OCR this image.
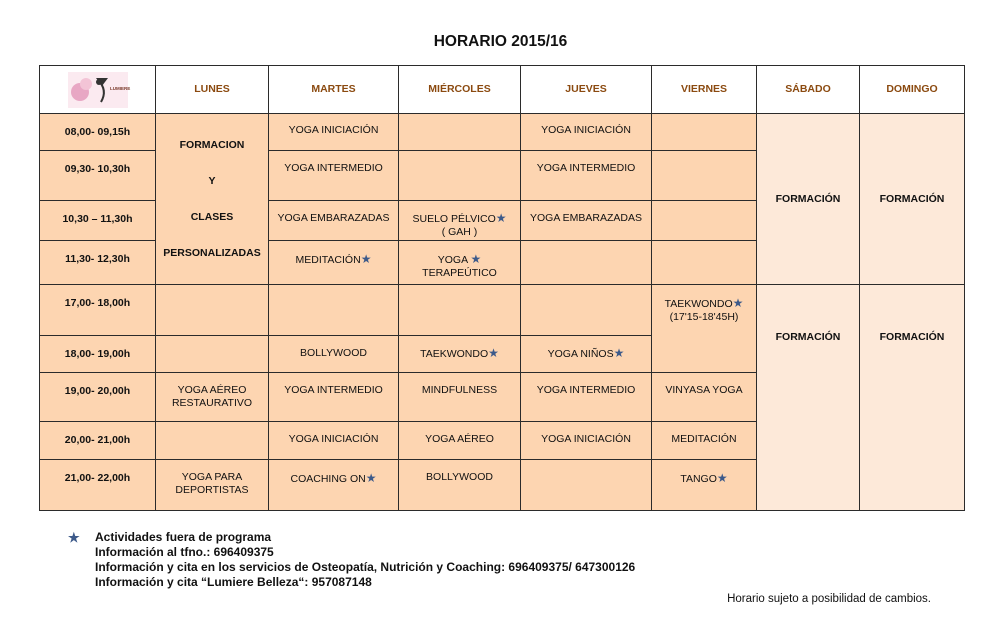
HORARIO 2015/16
LUMIERE	LUNES	MARTES	MIÉRCOLES	JUEVES	VIERNES	SÁBADO	DOMINGO
08,00- 09,15h	FORMACION

Y

CLASES

PERSONALIZADAS	YOGA INICIACIÓN		YOGA INICIACIÓN		FORMACIÓN	FORMACIÓN
09,30- 10,30h		YOGA INTERMEDIO		YOGA INTERMEDIO			
10,30 – 11,30h		YOGA EMBARAZADAS	SUELO PÉLVICO★
( GAH )	YOGA EMBARAZADAS			
11,30- 12,30h		MEDITACIÓN★	YOGA ★
TERAPEÚTICO				

17,00- 18,00h					TAEKWONDO★
(17'15-18'45H)	FORMACIÓN	FORMACIÓN
18,00- 19,00h		BOLLYWOOD	TAEKWONDO★	YOGA NIÑOS★			
19,00- 20,00h	YOGA AÉREO
RESTAURATIVO	YOGA INTERMEDIO	MINDFULNESS	YOGA INTERMEDIO	VINYASA YOGA		
20,00- 21,00h		YOGA INICIACIÓN	YOGA AÉREO	YOGA INICIACIÓN	MEDITACIÓN		
21,00- 22,00h	YOGA PARA
DEPORTISTAS	COACHING ON★	BOLLYWOOD		TANGO★		
★	Actividades fuera de programa
Información al tfno.: 696409375
Información y cita en los servicios de Osteopatía, Nutrición y Coaching: 696409375/ 647300126
Información y cita “Lumiere Belleza“: 957087148
Horario sujeto a posibilidad de cambios.
